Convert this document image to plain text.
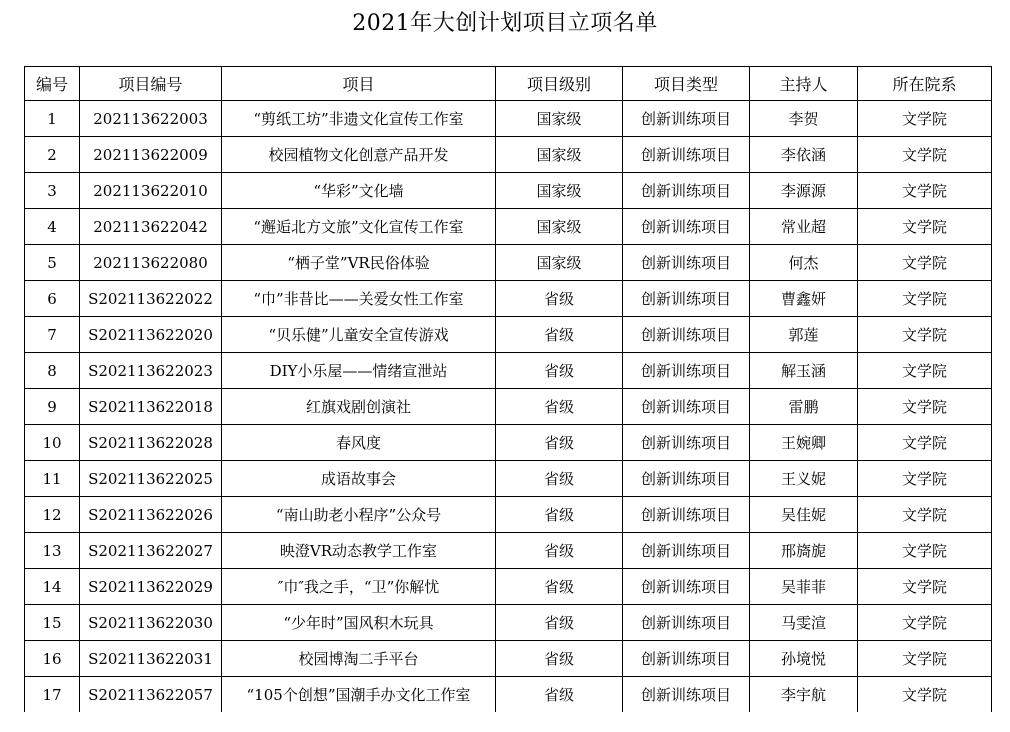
2021年大创计划项目立项名单
编号	项目编号	项目	项目级别	项目类型	主持人	所在院系
1	202113622003	“剪纸工坊”非遗文化宣传工作室	国家级	创新训练项目	李贺	文学院
2	202113622009	校园植物文化创意产品开发	国家级	创新训练项目	李依涵	文学院
3	202113622010	“华彩”文化墙	国家级	创新训练项目	李源源	文学院
4	202113622042	“邂逅北方文旅”文化宣传工作室	国家级	创新训练项目	常业超	文学院
5	202113622080	“栖子堂”VR民俗体验	国家级	创新训练项目	何杰	文学院
6	S202113622022	“巾”非昔比——关爱女性工作室	省级	创新训练项目	曹鑫妍	文学院
7	S202113622020	“贝乐健”儿童安全宣传游戏	省级	创新训练项目	郭莲	文学院
8	S202113622023	DIY小乐屋——情绪宣泄站	省级	创新训练项目	解玉涵	文学院
9	S202113622018	红旗戏剧创演社	省级	创新训练项目	雷鹏	文学院
10	S202113622028	春风度	省级	创新训练项目	王婉卿	文学院
11	S202113622025	成语故事会	省级	创新训练项目	王义妮	文学院
12	S202113622026	“南山助老小程序”公众号	省级	创新训练项目	吴佳妮	文学院
13	S202113622027	映澄VR动态教学工作室	省级	创新训练项目	邢旖旎	文学院
14	S202113622029	″巾″我之手，“卫”你解忧	省级	创新训练项目	吴菲菲	文学院
15	S202113622030	“少年时”国风积木玩具	省级	创新训练项目	马雯渲	文学院
16	S202113622031	校园博淘二手平台	省级	创新训练项目	孙境悦	文学院
17	S202113622057	“105个创想”国潮手办文化工作室	省级	创新训练项目	李宇航	文学院
